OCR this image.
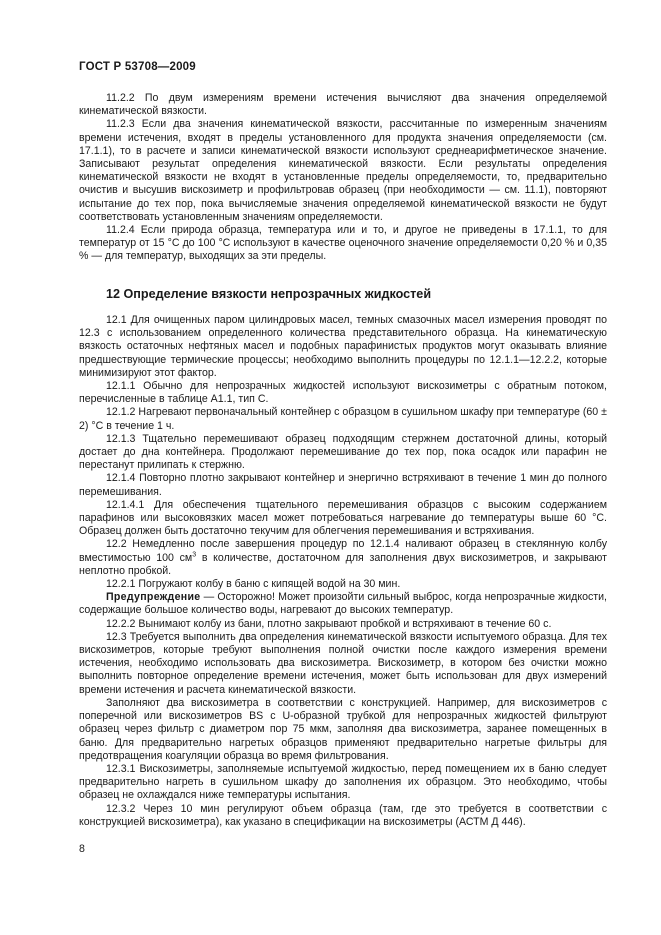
ГОСТ Р 53708—2009

11.2.2 По двум измерениям времени истечения вычисляют два значения определяемой кинематической вязкости.

11.2.3 Если два значения кинематической вязкости, рассчитанные по измеренным значениям времени истечения, входят в пределы установленного для продукта значения определяемости (см. 17.1.1), то в расчете и записи кинематической вязкости используют среднеарифметическое значение. Записывают результат определения кинематической вязкости. Если результаты определения кинематической вязкости не входят в установленные пределы определяемости, то, предварительно очистив и высушив вискозиметр и профильтровав образец (при необходимости — см. 11.1), повторяют испытание до тех пор, пока вычисляемые значения определяемой кинематической вязкости не будут соответствовать установленным значениям определяемости.

11.2.4 Если природа образца, температура или и то, и другое не приведены в 17.1.1, то для температур от 15 °С до 100 °С используют в качестве оценочного значение определяемости 0,20 % и 0,35 % — для температур, выходящих за эти пределы.

12 Определение вязкости непрозрачных жидкостей

12.1 Для очищенных паром цилиндровых масел, темных смазочных масел измерения проводят по 12.3 с использованием определенного количества представительного образца. На кинематическую вязкость остаточных нефтяных масел и подобных парафинистых продуктов могут оказывать влияние предшествующие термические процессы; необходимо выполнить процедуры по 12.1.1—12.2.2, которые минимизируют этот фактор.

12.1.1 Обычно для непрозрачных жидкостей используют вискозиметры с обратным потоком, перечисленные в таблице А1.1, тип С.

12.1.2 Нагревают первоначальный контейнер с образцом в сушильном шкафу при температуре (60 ± 2) °С в течение 1 ч.

12.1.3 Тщательно перемешивают образец подходящим стержнем достаточной длины, который достает до дна контейнера. Продолжают перемешивание до тех пор, пока осадок или парафин не перестанут прилипать к стержню.

12.1.4 Повторно плотно закрывают контейнер и энергично встряхивают в течение 1 мин до полного перемешивания.

12.1.4.1 Для обеспечения тщательного перемешивания образцов с высоким содержанием парафинов или высоковязких масел может потребоваться нагревание до температуры выше 60 °С. Образец должен быть достаточно текучим для облегчения перемешивания и встряхивания.

12.2 Немедленно после завершения процедур по 12.1.4 наливают образец в стеклянную колбу вместимостью 100 $см^3$ в количестве, достаточном для заполнения двух вискозиметров, и закрывают неплотно пробкой.

12.2.1 Погружают колбу в баню с кипящей водой на 30 мин.

Предупреждение — Осторожно! Может произойти сильный выброс, когда непрозрачные жидкости, содержащие большое количество воды, нагревают до высоких температур.

12.2.2 Вынимают колбу из бани, плотно закрывают пробкой и встряхивают в течение 60 с.

12.3 Требуется выполнить два определения кинематической вязкости испытуемого образца. Для тех вискозиметров, которые требуют выполнения полной очистки после каждого измерения времени истечения, необходимо использовать два вискозиметра. Вискозиметр, в котором без очистки можно выполнить повторное определение времени истечения, может быть использован для двух измерений времени истечения и расчета кинематической вязкости.

Заполняют два вискозиметра в соответствии с конструкцией. Например, для вискозиметров с поперечной или вискозиметров BS с U-образной трубкой для непрозрачных жидкостей фильтруют образец через фильтр с диаметром пор 75 мкм, заполняя два вискозиметра, заранее помещенных в баню. Для предварительно нагретых образцов применяют предварительно нагретые фильтры для предотвращения коагуляции образца во время фильтрования.

12.3.1 Вискозиметры, заполняемые испытуемой жидкостью, перед помещением их в баню следует предварительно нагреть в сушильном шкафу до заполнения их образцом. Это необходимо, чтобы образец не охлаждался ниже температуры испытания.

12.3.2 Через 10 мин регулируют объем образца (там, где это требуется в соответствии с конструкцией вискозиметра), как указано в спецификации на вискозиметры (АСТМ Д 446).

8
